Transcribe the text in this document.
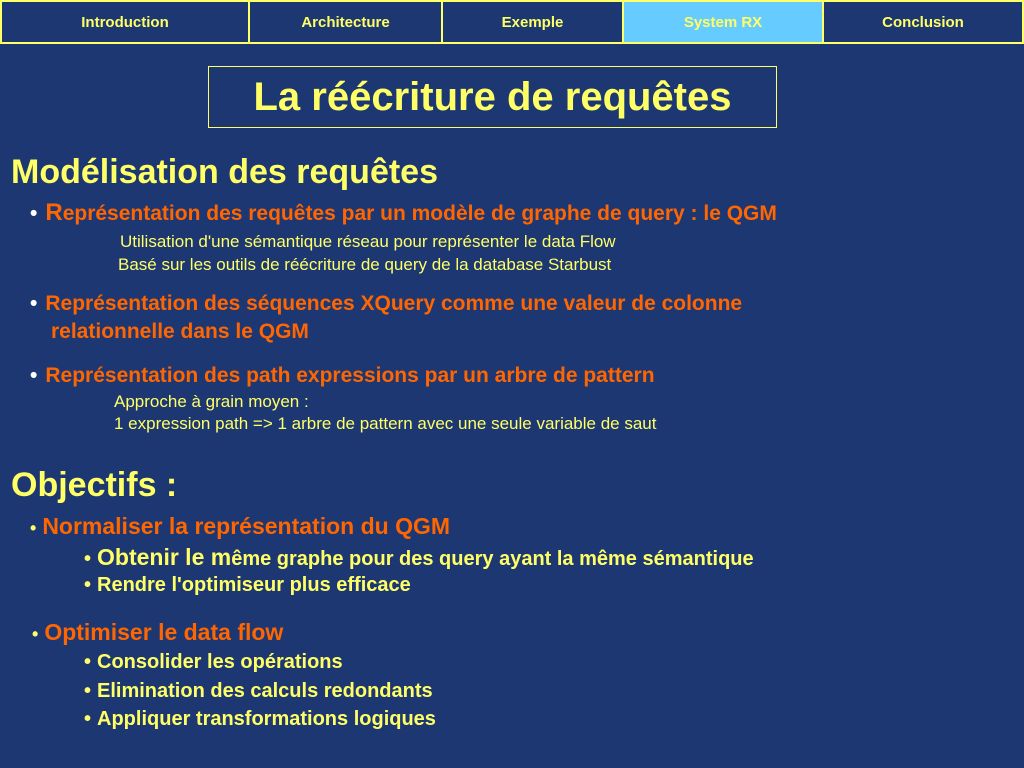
Introduction	Architecture	Exemple	System RX	Conclusion
La réécriture de requêtes
Modélisation des requêtes
• Représentation des requêtes par un modèle de graphe de query : le QGM
Utilisation d'une sémantique réseau pour représenter le data Flow
Basé sur les outils de réécriture de query de la database Starbust
• Représentation des séquences XQuery comme une valeur de colonne
relationnelle dans le QGM
• Représentation des path expressions par un arbre de pattern
Approche à grain moyen :
1 expression path => 1 arbre de pattern avec une seule variable de saut
Objectifs :
• Normaliser la représentation du QGM
• Obtenir le même graphe pour des query ayant la même sémantique
• Rendre l'optimiseur plus efficace
• Optimiser le data flow
• Consolider les opérations
• Elimination des calculs redondants
• Appliquer transformations logiques
